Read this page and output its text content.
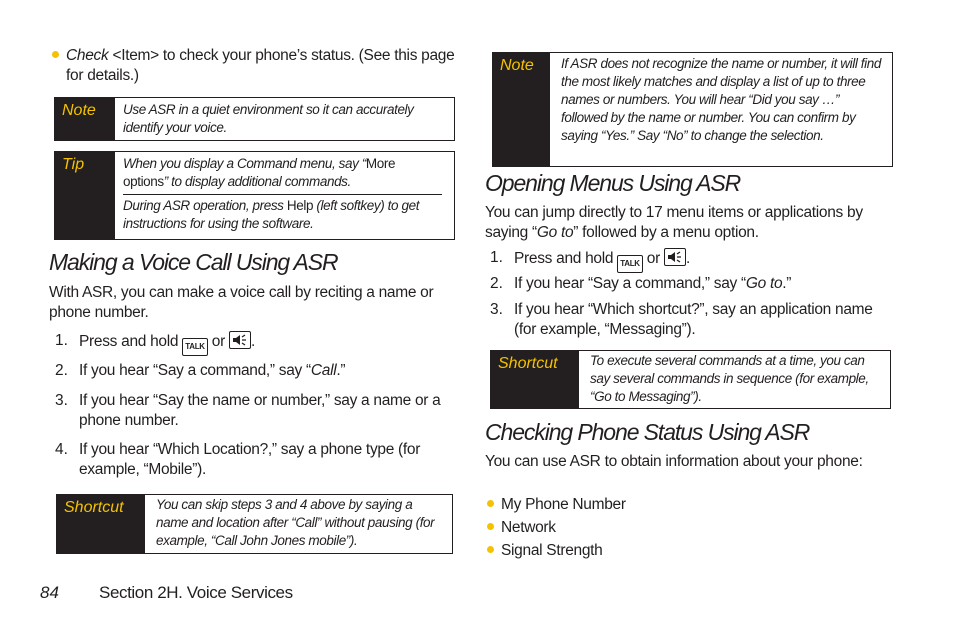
Check <Item> to check your phone’s status. (See this page for details.)
Note Use ASR in a quiet environment so it can accurately identify your voice.
Tip	When you display a Command menu, say “More options” to display additional commands.
During ASR operation, press Help (left softkey) to get instructions for using the software.
Making a Voice Call Using ASR
With ASR, you can make a voice call by reciting a name or phone number.
1. Press and hold TALK or
.
2. If you hear “Say a command,” say “Call.”
3. If you hear “Say the name or number,” say a name or a phone number.
4. If you hear “Which Location?,” say a phone type (for example, “Mobile”).
Shortcut You can skip steps 3 and 4 above by saying a name and location after “Call” without pausing (for example, “Call John Jones mobile”).
Note If ASR does not recognize the name or number, it will find the most likely matches and display a list of up to three names or numbers. You will hear “Did you say …” followed by the name or number. You can confirm by saying “Yes.” Say “No” to change the selection.
Opening Menus Using ASR
You can jump directly to 17 menu items or applications by saying “Go to” followed by a menu option.
1. Press and hold TALK or
.
2. If you hear “Say a command,” say “Go to.”
3. If you hear “Which shortcut?”, say an application name (for example, “Messaging”).
Shortcut To execute several commands at a time, you can say several commands in sequence (for example, “Go to Messaging”).
Checking Phone Status Using ASR
You can use ASR to obtain information about your phone:
My Phone Number
Network
Signal Strength
84 Section 2H. Voice Services
